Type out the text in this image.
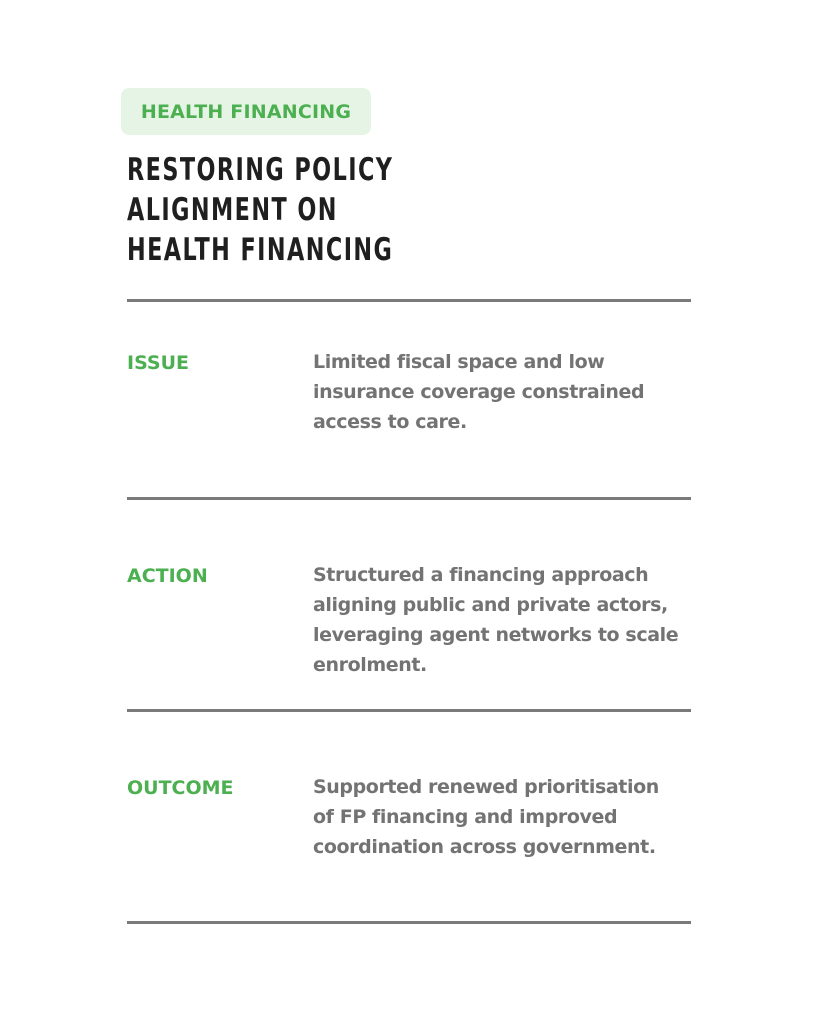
HEALTH FINANCING
RESTORING POLICY ALIGNMENT ON
HEALTH FINANCING
ISSUE	Limited fiscal space and low
insurance coverage constrained
access to care.
ACTION	Structured a financing approach
aligning public and private actors,
leveraging agent networks to scale
enrolment.
OUTCOME	Supported renewed prioritisation
of FP financing and improved
coordination across government.
